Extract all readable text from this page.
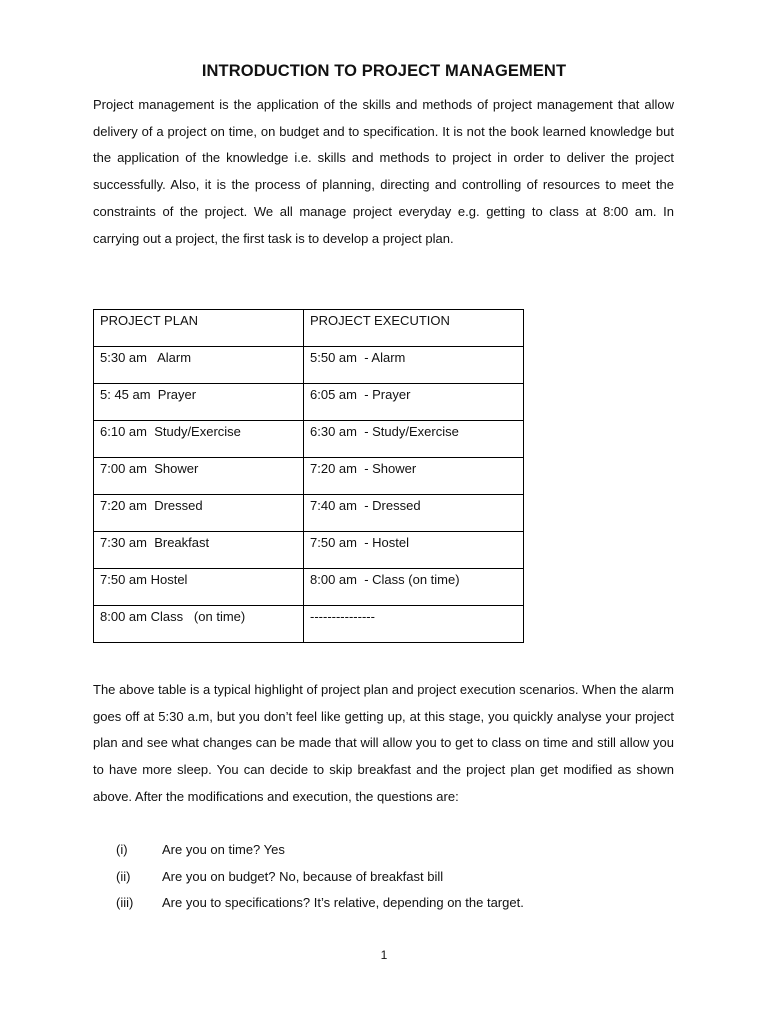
INTRODUCTION TO PROJECT MANAGEMENT

Project management is the application of the skills and methods of project management that allow delivery of a project on time, on budget and to specification. It is not the book learned knowledge but the application of the knowledge i.e. skills and methods to project in order to deliver the project successfully. Also, it is the process of planning, directing and controlling of resources to meet the constraints of the project. We all manage project everyday e.g. getting to class at 8:00 am. In carrying out a project, the first task is to develop a project plan.

PROJECT PLAN	PROJECT EXECUTION
5:30 am   Alarm	5:50 am  - Alarm
5: 45 am  Prayer	6:05 am  - Prayer
6:10 am  Study/Exercise	6:30 am  - Study/Exercise
7:00 am  Shower	7:20 am  - Shower
7:20 am  Dressed	7:40 am  - Dressed
7:30 am  Breakfast	7:50 am  - Hostel
7:50 am Hostel	8:00 am  - Class (on time)
8:00 am Class   (on time)	---------------

The above table is a typical highlight of project plan and project execution scenarios. When the alarm goes off at 5:30 a.m, but you don’t feel like getting up, at this stage, you quickly analyse your project plan and see what changes can be made that will allow you to get to class on time and still allow you to have more sleep. You can decide to skip breakfast and the project plan get modified as shown above. After the modifications and execution, the questions are:

(i)	Are you on time? Yes
(ii) Are you on budget? No, because of breakfast bill
(iii) Are you to specifications? It’s relative, depending on the target.
1
